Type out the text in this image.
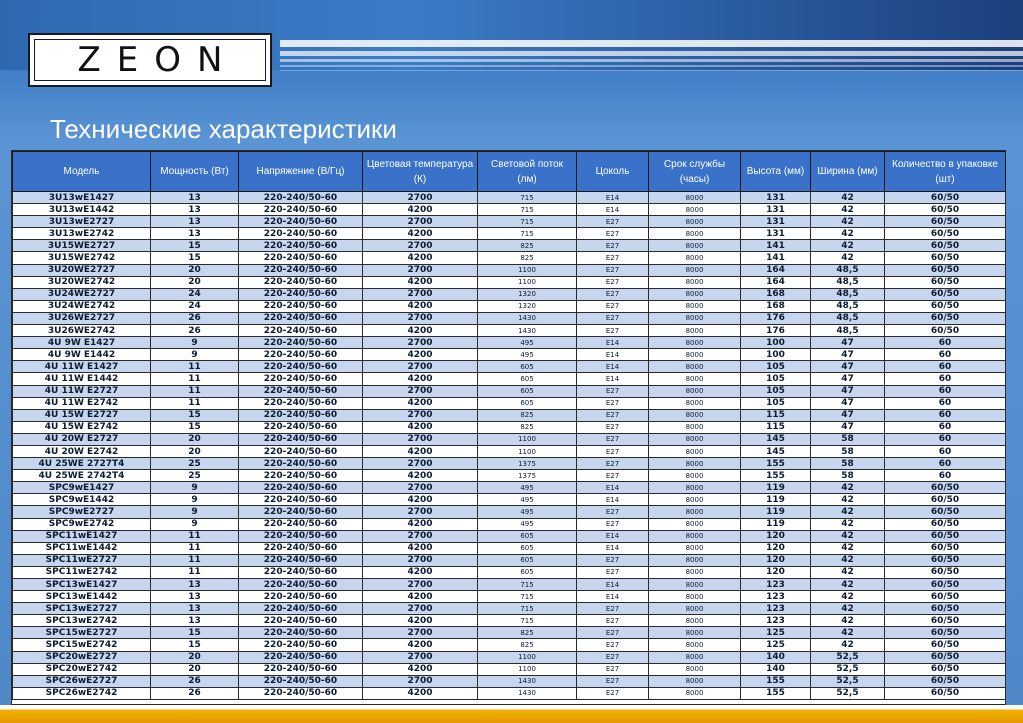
ZEON
Технические характеристики
Модель	Мощность (Вт)	Напряжение (В/Гц)	Цветовая температура (К)	Световой поток (лм)	Цоколь	Срок службы (часы)	Высота (мм)	Ширина (мм)	Количество в упаковке (шт)
3U13wE1427	13	220-240/50-60	2700	715	E14	8000	131	42	60/50
3U13wE1442	13	220-240/50-60	4200	715	E14	8000	131	42	60/50
3U13wE2727	13	220-240/50-60	2700	715	E27	8000	131	42	60/50
3U13wE2742	13	220-240/50-60	4200	715	E27	8000	131	42	60/50
3U15WE2727	15	220-240/50-60	2700	825	E27	8000	141	42	60/50
3U15WE2742	15	220-240/50-60	4200	825	E27	8000	141	42	60/50
3U20WE2727	20	220-240/50-60	2700	1100	E27	8000	164	48,5	60/50
3U20WE2742	20	220-240/50-60	4200	1100	E27	8000	164	48,5	60/50
3U24WE2727	24	220-240/50-60	2700	1320	E27	8000	168	48,5	60/50
3U24WE2742	24	220-240/50-60	4200	1320	E27	8000	168	48,5	60/50
3U26WE2727	26	220-240/50-60	2700	1430	E27	8000	176	48,5	60/50
3U26WE2742	26	220-240/50-60	4200	1430	E27	8000	176	48,5	60/50
4U 9W E1427	9	220-240/50-60	2700	495	E14	8000	100	47	60
4U 9W E1442	9	220-240/50-60	4200	495	E14	8000	100	47	60
4U 11W E1427	11	220-240/50-60	2700	605	E14	8000	105	47	60
4U 11W E1442	11	220-240/50-60	4200	605	E14	8000	105	47	60
4U 11W E2727	11	220-240/50-60	2700	605	E27	8000	105	47	60
4U 11W E2742	11	220-240/50-60	4200	605	E27	8000	105	47	60
4U 15W E2727	15	220-240/50-60	2700	825	E27	8000	115	47	60
4U 15W E2742	15	220-240/50-60	4200	825	E27	8000	115	47	60
4U 20W E2727	20	220-240/50-60	2700	1100	E27	8000	145	58	60
4U 20W E2742	20	220-240/50-60	4200	1100	E27	8000	145	58	60
4U 25WE 2727T4	25	220-240/50-60	2700	1375	E27	8000	155	58	60
4U 25WE 2742T4	25	220-240/50-60	4200	1375	E27	8000	155	58	60
SPC9wE1427	9	220-240/50-60	2700	495	E14	8000	119	42	60/50
SPC9wE1442	9	220-240/50-60	4200	495	E14	8000	119	42	60/50
SPC9wE2727	9	220-240/50-60	2700	495	E27	8000	119	42	60/50
SPC9wE2742	9	220-240/50-60	4200	495	E27	8000	119	42	60/50
SPC11wE1427	11	220-240/50-60	2700	605	E14	8000	120	42	60/50
SPC11wE1442	11	220-240/50-60	4200	605	E14	8000	120	42	60/50
SPC11wE2727	11	220-240/50-60	2700	605	E27	8000	120	42	60/50
SPC11wE2742	11	220-240/50-60	4200	605	E27	8000	120	42	60/50
SPC13wE1427	13	220-240/50-60	2700	715	E14	8000	123	42	60/50
SPC13wE1442	13	220-240/50-60	4200	715	E14	8000	123	42	60/50
SPC13wE2727	13	220-240/50-60	2700	715	E27	8000	123	42	60/50
SPC13wE2742	13	220-240/50-60	4200	715	E27	8000	123	42	60/50
SPC15wE2727	15	220-240/50-60	2700	825	E27	8000	125	42	60/50
SPC15wE2742	15	220-240/50-60	4200	825	E27	8000	125	42	60/50
SPC20wE2727	20	220-240/50-60	2700	1100	E27	8000	140	52,5	60/50
SPC20wE2742	20	220-240/50-60	4200	1100	E27	8000	140	52,5	60/50
SPC26wE2727	26	220-240/50-60	2700	1430	E27	8000	155	52,5	60/50
SPC26wE2742	26	220-240/50-60	4200	1430	E27	8000	155	52,5	60/50
